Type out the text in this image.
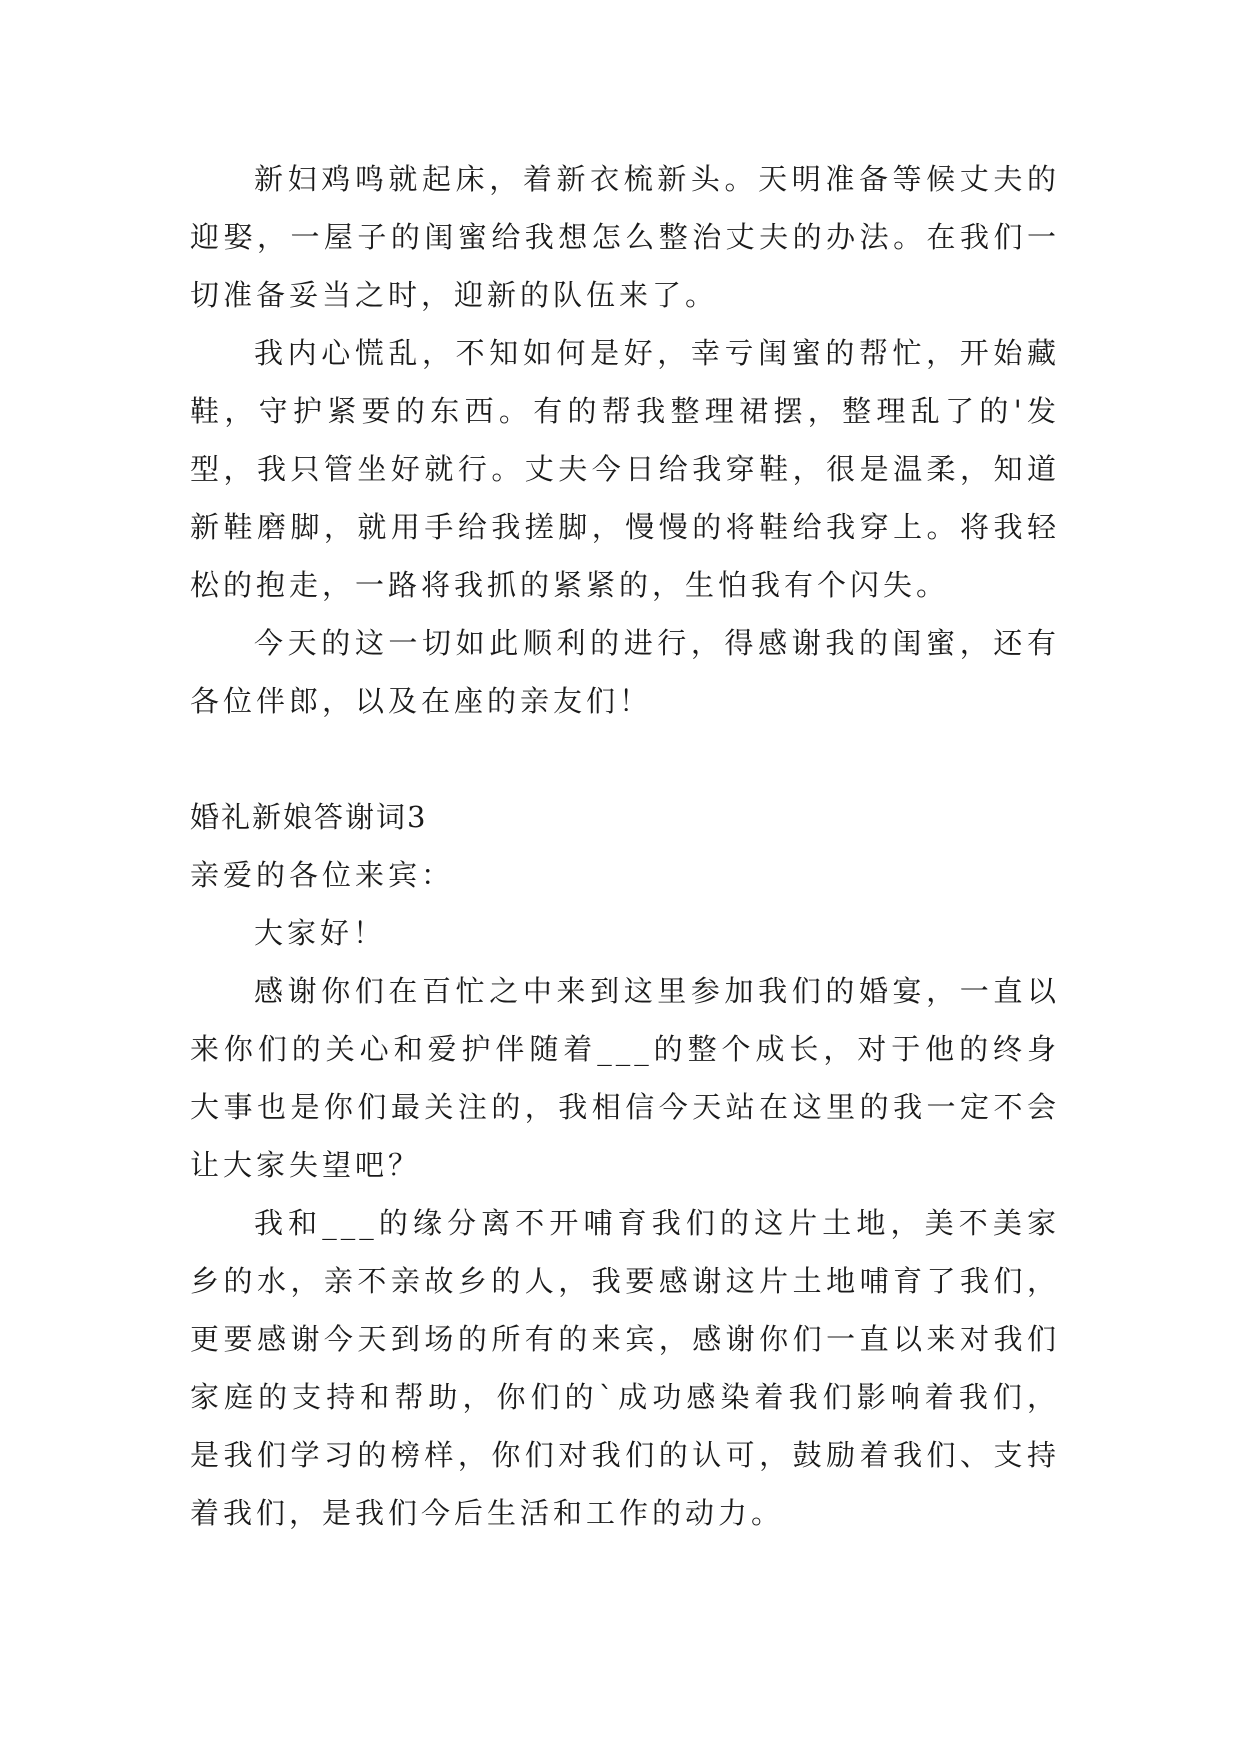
新妇鸡鸣就起床，着新衣梳新头。天明准备等候丈夫的迎娶，一屋子的闺蜜给我想怎么整治丈夫的办法。在我们一切准备妥当之时，迎新的队伍来了。

我内心慌乱，不知如何是好，幸亏闺蜜的帮忙，开始藏鞋，守护紧要的东西。有的帮我整理裙摆，整理乱了的'发型，我只管坐好就行。丈夫今日给我穿鞋，很是温柔，知道新鞋磨脚，就用手给我搓脚，慢慢的将鞋给我穿上。将我轻松的抱走，一路将我抓的紧紧的，生怕我有个闪失。

今天的这一切如此顺利的进行，得感谢我的闺蜜，还有各位伴郎，以及在座的亲友们！

婚礼新娘答谢词3

亲爱的各位来宾：

大家好！

感谢你们在百忙之中来到这里参加我们的婚宴，一直以来你们的关心和爱护伴随着___的整个成长，对于他的终身大事也是你们最关注的，我相信今天站在这里的我一定不会让大家失望吧？

我和___的缘分离不开哺育我们的这片土地，美不美家乡的水，亲不亲故乡的人，我要感谢这片土地哺育了我们，更要感谢今天到场的所有的来宾，感谢你们一直以来对我们家庭的支持和帮助，你们的`成功感染着我们影响着我们，是我们学习的榜样，你们对我们的认可，鼓励着我们、支持着我们，是我们今后生活和工作的动力。
